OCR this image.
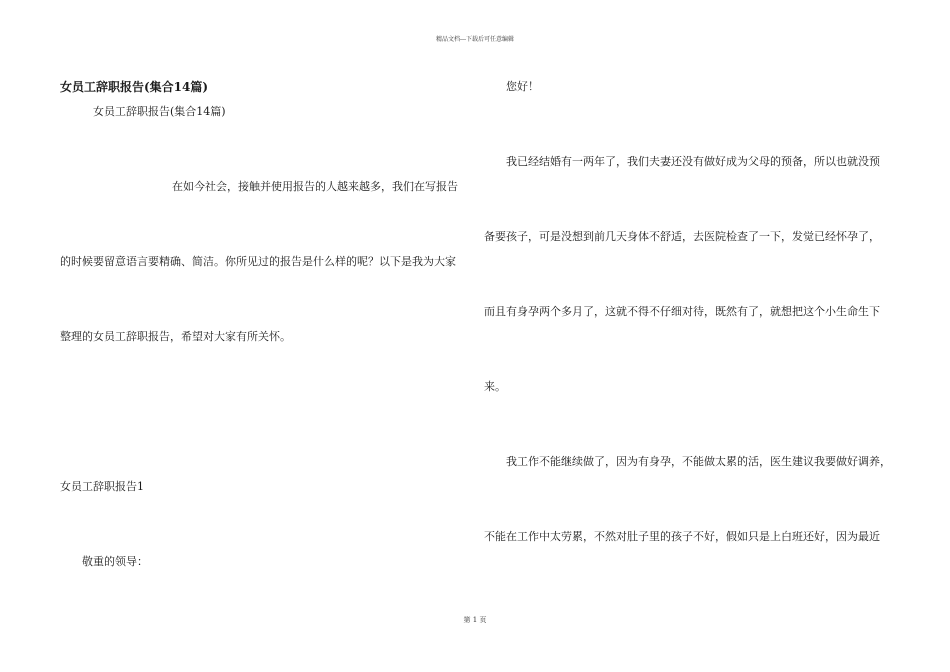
精品文档---下载后可任意编辑
女员工辞职报告(集合14篇)
女员工辞职报告(集合14篇)
在如今社会，接触并使用报告的人越来越多，我们在写报告
的时候要留意语言要精确、简洁。你所见过的报告是什么样的呢？以下是我为大家
整理的女员工辞职报告，希望对大家有所关怀。
女员工辞职报告1
敬重的领导：
您好！
我已经结婚有一两年了，我们夫妻还没有做好成为父母的预备，所以也就没预
备要孩子，可是没想到前几天身体不舒适，去医院检查了一下，发觉已经怀孕了，
而且有身孕两个多月了，这就不得不仔细对待，既然有了，就想把这个小生命生下
来。
我工作不能继续做了，因为有身孕，不能做太累的活，医生建议我要做好调养，
不能在工作中太劳累，不然对肚子里的孩子不好，假如只是上白班还好，因为最近
第 1 页
